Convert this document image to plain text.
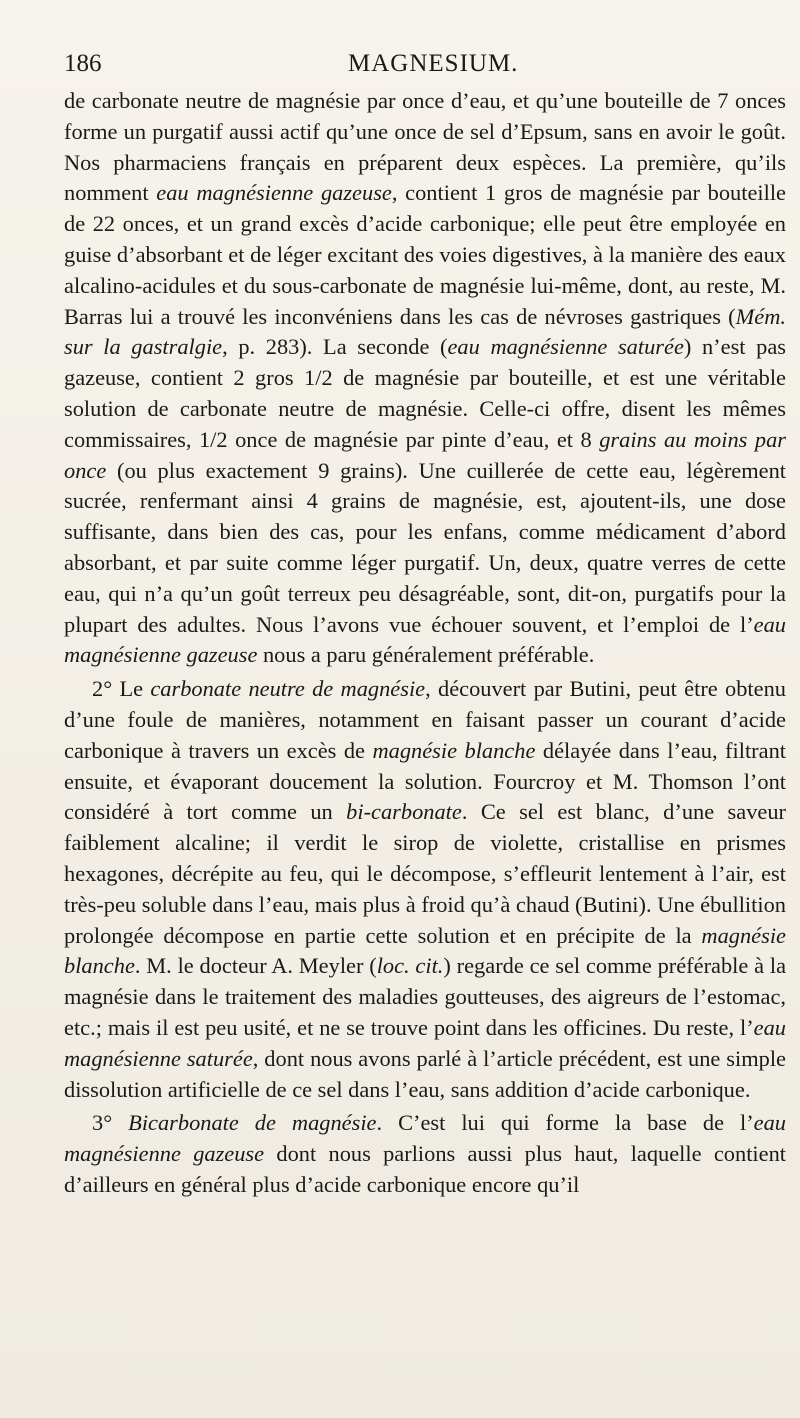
186	MAGNESIUM.

de carbonate neutre de magnésie par once d’eau, et qu’une bouteille de 7 onces forme un purgatif aussi actif qu’une once de sel d’Epsum, sans en avoir le goût. Nos pharmaciens français en préparent deux espèces. La première, qu’ils nomment eau magnésienne gazeuse, contient 1 gros de magnésie par bouteille de 22 onces, et un grand excès d’acide carbonique; elle peut être employée en guise d’absorbant et de léger excitant des voies digestives, à la manière des eaux alcalino-acidules et du sous-carbonate de magnésie lui-même, dont, au reste, M. Barras lui a trouvé les inconvéniens dans les cas de névroses gastriques (Mém. sur la gastralgie, p. 283). La seconde (eau magnésienne saturée) n’est pas gazeuse, contient 2 gros 1/2 de magnésie par bouteille, et est une véritable solution de carbonate neutre de magnésie. Celle-ci offre, disent les mêmes commissaires, 1/2 once de magnésie par pinte d’eau, et 8 grains au moins par once (ou plus exactement 9 grains). Une cuillerée de cette eau, légèrement sucrée, renfermant ainsi 4 grains de magnésie, est, ajoutent-ils, une dose suffisante, dans bien des cas, pour les enfans, comme médicament d’abord absorbant, et par suite comme léger purgatif. Un, deux, quatre verres de cette eau, qui n’a qu’un goût terreux peu désagréable, sont, dit-on, purgatifs pour la plupart des adultes. Nous l’avons vue échouer souvent, et l’emploi de l’eau magnésienne gazeuse nous a paru généralement préférable.

2° Le carbonate neutre de magnésie, découvert par Butini, peut être obtenu d’une foule de manières, notamment en faisant passer un courant d’acide carbonique à travers un excès de magnésie blanche délayée dans l’eau, filtrant ensuite, et évaporant doucement la solution. Fourcroy et M. Thomson l’ont considéré à tort comme un bi-carbonate. Ce sel est blanc, d’une saveur faiblement alcaline; il verdit le sirop de violette, cristallise en prismes hexagones, décrépite au feu, qui le décompose, s’effleurit lentement à l’air, est très-peu soluble dans l’eau, mais plus à froid qu’à chaud (Butini). Une ébullition prolongée décompose en partie cette solution et en précipite de la magnésie blanche. M. le docteur A. Meyler (loc. cit.) regarde ce sel comme préférable à la magnésie dans le traitement des maladies goutteuses, des aigreurs de l’estomac, etc.; mais il est peu usité, et ne se trouve point dans les officines. Du reste, l’eau magnésienne saturée, dont nous avons parlé à l’article précédent, est une simple dissolution artificielle de ce sel dans l’eau, sans addition d’acide carbonique.

3° Bicarbonate de magnésie. C’est lui qui forme la base de l’eau magnésienne gazeuse dont nous parlions aussi plus haut, laquelle contient d’ailleurs en général plus d’acide carbonique encore qu’il
